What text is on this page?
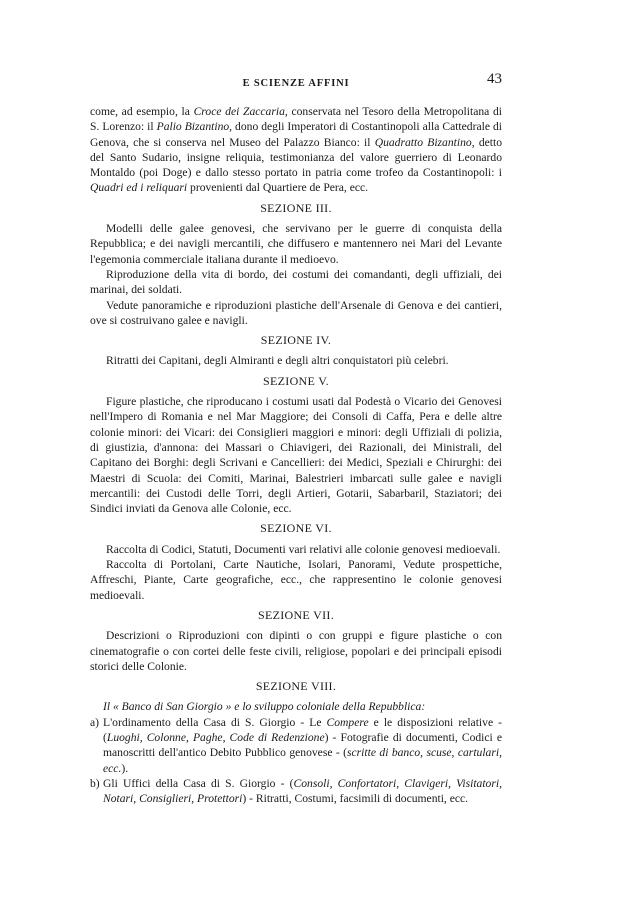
E SCIENZE AFFINI	43

come, ad esempio, la Croce dei Zaccaria, conservata nel Tesoro della Metropolitana di S. Lorenzo: il Palio Bizantino, dono degli Imperatori di Costantinopoli alla Cattedrale di Genova, che si conserva nel Museo del Palazzo Bianco: il Quadratto Bizantino, detto del Santo Sudario, insigne reliquia, testimonianza del valore guerriero di Leonardo Montaldo (poi Doge) e dallo stesso portato in patria come trofeo da Costantinopoli: i Quadri ed i reliquari provenienti dal Quartiere de Pera, ecc.

SEZIONE III.

Modelli delle galee genovesi, che servivano per le guerre di conquista della Repubblica; e dei navigli mercantili, che diffusero e mantennero nei Mari del Levante l'egemonia commerciale italiana durante il medioevo.

Riproduzione della vita di bordo, dei costumi dei comandanti, degli uffiziali, dei marinai, dei soldati.

Vedute panoramiche e riproduzioni plastiche dell'Arsenale di Genova e dei cantieri, ove si costruivano galee e navigli.

SEZIONE IV.

Ritratti dei Capitani, degli Almiranti e degli altri conquistatori più celebri.

SEZIONE V.

Figure plastiche, che riproducano i costumi usati dal Podestà o Vicario dei Genovesi nell'Impero di Romania e nel Mar Maggiore; dei Consoli di Caffa, Pera e delle altre colonie minori: dei Vicari: dei Consiglieri maggiori e minori: degli Uffiziali di polizia, di giustizia, d'annona: dei Massari o Chiavigeri, dei Razionali, dei Ministrali, del Capitano dei Borghi: degli Scrivani e Cancellieri: dei Medici, Speziali e Chirurghi: dei Maestri di Scuola: dei Comiti, Marinai, Balestrieri imbarcati sulle galee e navigli mercantili: dei Custodi delle Torri, degli Artieri, Gotarii, Sabarbaril, Staziatori; dei Sindici inviati da Genova alle Colonie, ecc.

SEZIONE VI.

Raccolta di Codici, Statuti, Documenti vari relativi alle colonie genovesi medioevali.

Raccolta di Portolani, Carte Nautiche, Isolari, Panorami, Vedute prospettiche, Affreschi, Piante, Carte geografiche, ecc., che rappresentino le colonie genovesi medioevali.

SEZIONE VII.

Descrizioni o Riproduzioni con dipinti o con gruppi e figure plastiche o con cinematografie o con cortei delle feste civili, religiose, popolari e dei principali episodi storici delle Colonie.

SEZIONE VIII.

Il « Banco di San Giorgio » e lo sviluppo coloniale della Repubblica:

a) L'ordinamento della Casa di S. Giorgio - Le Compere e le disposizioni relative - (Luoghi, Colonne, Paghe, Code di Redenzione) - Fotografie di documenti, Codici e manoscritti dell'antico Debito Pubblico genovese - (scritte di banco, scuse, cartulari, ecc.).

b) Gli Uffici della Casa di S. Giorgio - (Consoli, Confortatori, Clavigeri, Visitatori, Notari, Consiglieri, Protettori) - Ritratti, Costumi, facsimili di documenti, ecc.
